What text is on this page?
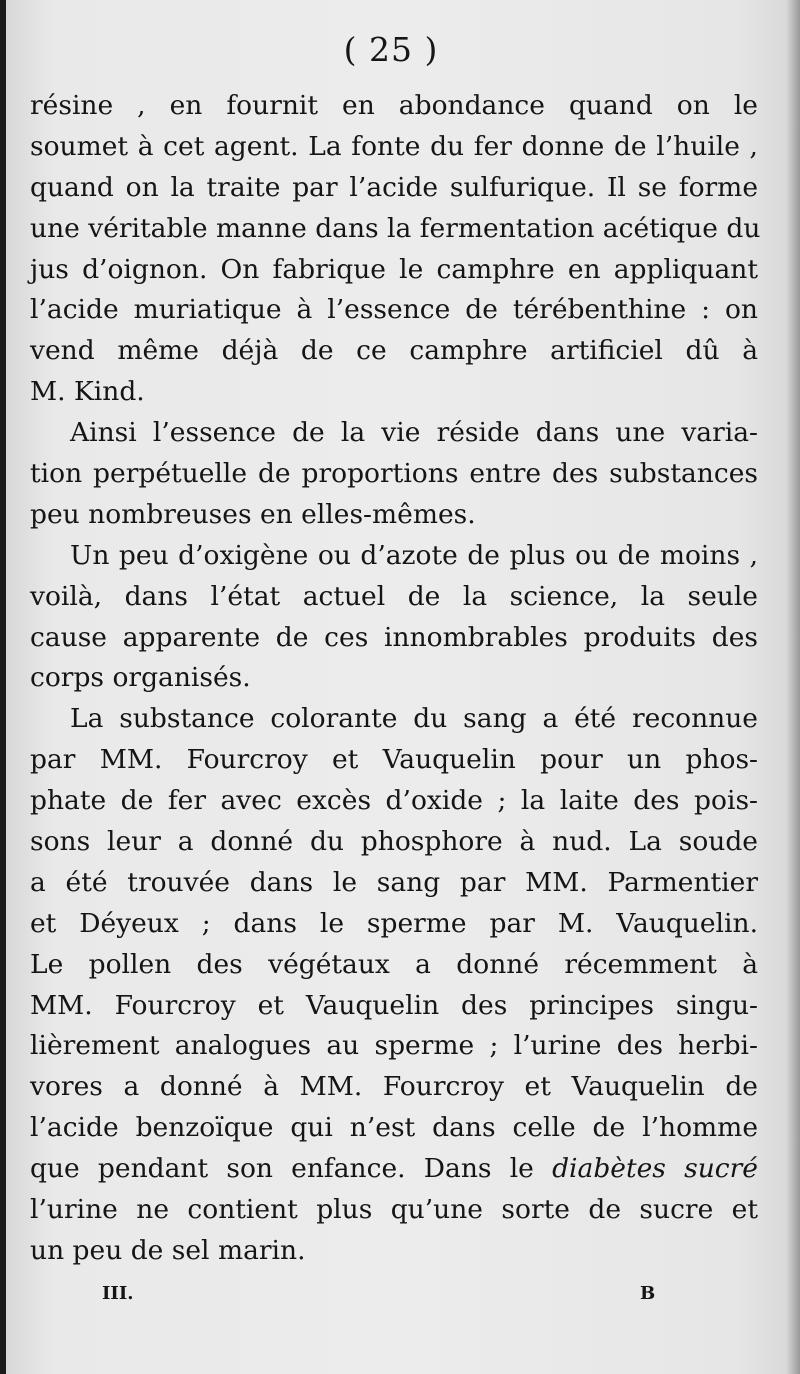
( 25 )
résine , en fournit en abondance quand on le
soumet à cet agent. La fonte du fer donne de l’huile ,
quand on la traite par l’acide sulfurique. Il se forme
une véritable manne dans la fermentation acétique du
jus d’oignon. On fabrique le camphre en appliquant
l’acide muriatique à l’essence de térébenthine : on
vend même déjà de ce camphre artificiel dû à
M. Kind.
Ainsi l’essence de la vie réside dans une varia-
tion perpétuelle de proportions entre des substances
peu nombreuses en elles-mêmes.
Un peu d’oxigène ou d’azote de plus ou de moins ,
voilà, dans l’état actuel de la science, la seule
cause apparente de ces innombrables produits des
corps organisés.
La substance colorante du sang a été reconnue
par MM. Fourcroy et Vauquelin pour un phos-
phate de fer avec excès d’oxide ; la laite des pois-
sons leur a donné du phosphore à nud. La soude
a été trouvée dans le sang par MM. Parmentier
et Déyeux ; dans le sperme par M. Vauquelin.
Le pollen des végétaux a donné récemment à
MM. Fourcroy et Vauquelin des principes singu-
lièrement analogues au sperme ; l’urine des herbi-
vores a donné à MM. Fourcroy et Vauquelin de
l’acide benzoïque qui n’est dans celle de l’homme
que pendant son enfance. Dans le diabètes sucré
l’urine ne contient plus qu’une sorte de sucre et
un peu de sel marin.
III.	B
